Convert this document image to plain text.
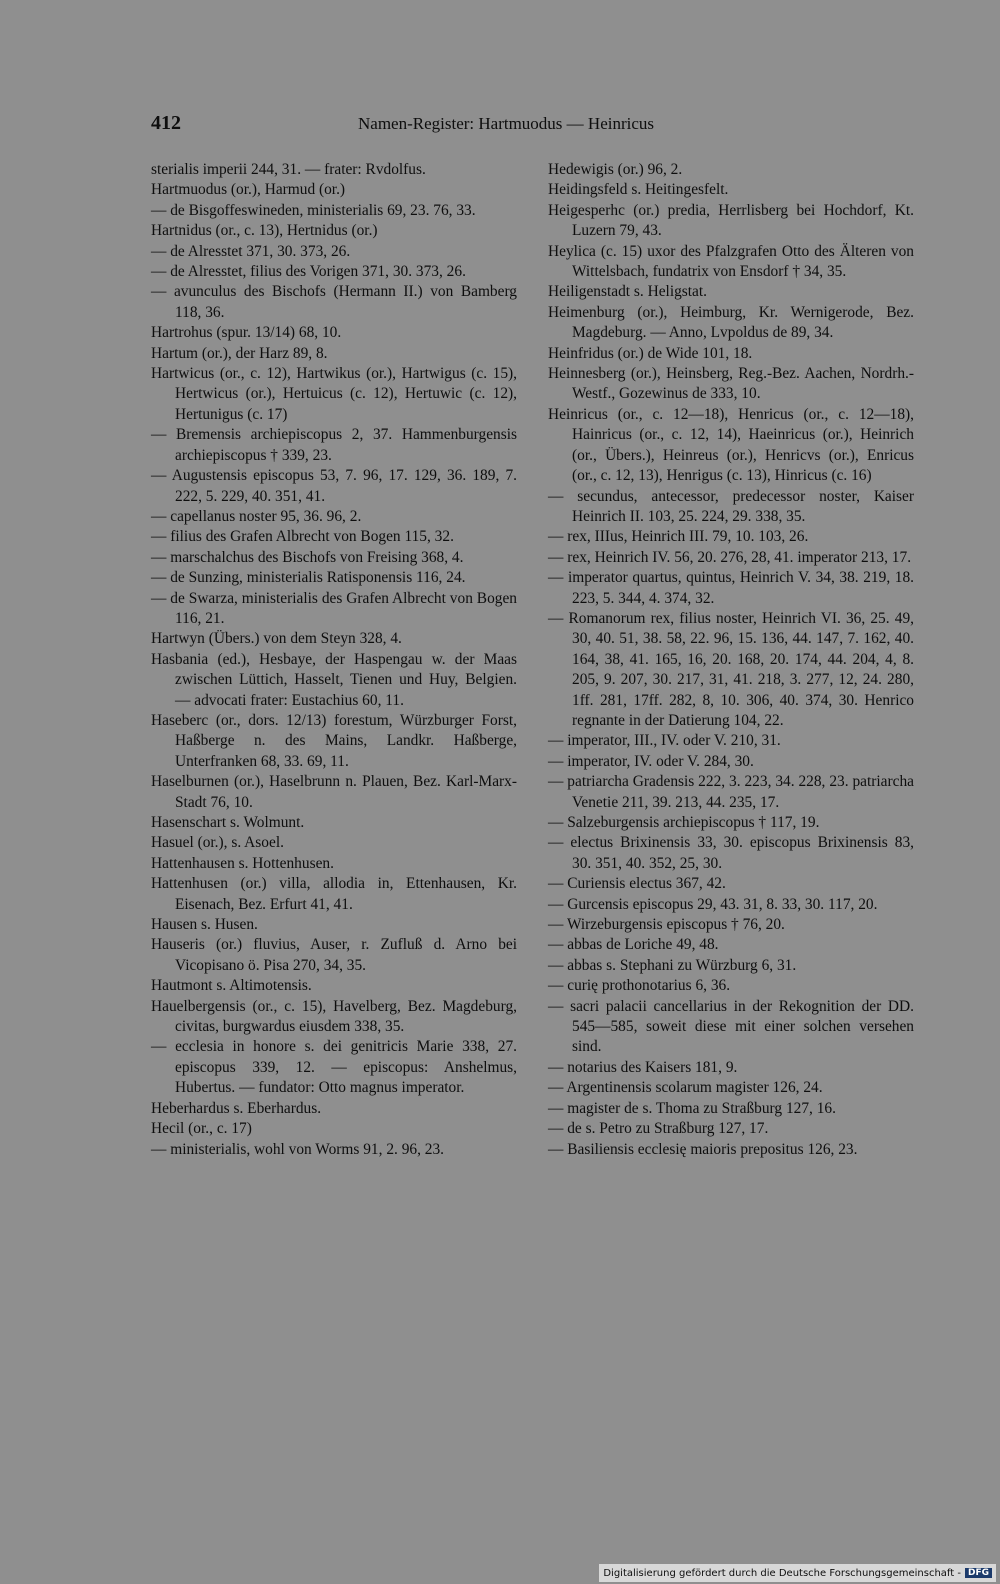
412	Namen-Register: Hartmuodus — Heinricus

sterialis imperii 244, 31. — frater: Rvdolfus.

Hartmuodus (or.), Harmud (or.)

— de Bisgoffeswineden, ministerialis 69, 23. 76, 33.

Hartnidus (or., c. 13), Hertnidus (or.)

— de Alresstet 371, 30. 373, 26.

— de Alresstet, filius des Vorigen 371, 30. 373, 26.

— avunculus des Bischofs (Hermann II.) von Bamberg 118, 36.

Hartrohus (spur. 13/14) 68, 10.

Hartum (or.), der Harz 89, 8.

Hartwicus (or., c. 12), Hartwikus (or.), Hartwigus (c. 15), Hertwicus (or.), Hertuicus (c. 12), Hertuwic (c. 12), Hertunigus (c. 17)

— Bremensis archiepiscopus 2, 37. Hammenburgensis archiepiscopus † 339, 23.

— Augustensis episcopus 53, 7. 96, 17. 129, 36. 189, 7. 222, 5. 229, 40. 351, 41.

— capellanus noster 95, 36. 96, 2.

— filius des Grafen Albrecht von Bogen 115, 32.

— marschalchus des Bischofs von Freising 368, 4.

— de Sunzing, ministerialis Ratisponensis 116, 24.

— de Swarza, ministerialis des Grafen Albrecht von Bogen 116, 21.

Hartwyn (Übers.) von dem Steyn 328, 4.

Hasbania (ed.), Hesbaye, der Haspengau w. der Maas zwischen Lüttich, Hasselt, Tienen und Huy, Belgien. — advocati frater: Eustachius 60, 11.

Haseberc (or., dors. 12/13) forestum, Würzburger Forst, Haßberge n. des Mains, Landkr. Haßberge, Unterfranken 68, 33. 69, 11.

Haselburnen (or.), Haselbrunn n. Plauen, Bez. Karl-Marx-Stadt 76, 10.

Hasenschart s. Wolmunt.

Hasuel (or.), s. Asoel.

Hattenhausen s. Hottenhusen.

Hattenhusen (or.) villa, allodia in, Ettenhausen, Kr. Eisenach, Bez. Erfurt 41, 41.

Hausen s. Husen.

Hauseris (or.) fluvius, Auser, r. Zufluß d. Arno bei Vicopisano ö. Pisa 270, 34, 35.

Hautmont s. Altimotensis.

Hauelbergensis (or., c. 15), Havelberg, Bez. Magdeburg, civitas, burgwardus eiusdem 338, 35.

— ecclesia in honore s. dei genitricis Marie 338, 27. episcopus 339, 12. — episcopus: Anshelmus, Hubertus. — fundator: Otto magnus imperator.

Heberhardus s. Eberhardus.

Hecil (or., c. 17)

— ministerialis, wohl von Worms 91, 2. 96, 23.

Hedewigis (or.) 96, 2.

Heidingsfeld s. Heitingesfelt.

Heigesperhc (or.) predia, Herrlisberg bei Hochdorf, Kt. Luzern 79, 43.

Heylica (c. 15) uxor des Pfalzgrafen Otto des Älteren von Wittelsbach, fundatrix von Ensdorf † 34, 35.

Heiligenstadt s. Heligstat.

Heimenburg (or.), Heimburg, Kr. Wernigerode, Bez. Magdeburg. — Anno, Lvpoldus de 89, 34.

Heinfridus (or.) de Wide 101, 18.

Heinnesberg (or.), Heinsberg, Reg.-Bez. Aachen, Nordrh.-Westf., Gozewinus de 333, 10.

Heinricus (or., c. 12—18), Henricus (or., c. 12—18), Hainricus (or., c. 12, 14), Haeinricus (or.), Heinrich (or., Übers.), Heinreus (or.), Henricvs (or.), Enricus (or., c. 12, 13), Henrigus (c. 13), Hinricus (c. 16)

— secundus, antecessor, predecessor noster, Kaiser Heinrich II. 103, 25. 224, 29. 338, 35.

— rex, IIIus, Heinrich III. 79, 10. 103, 26.

— rex, Heinrich IV. 56, 20. 276, 28, 41. imperator 213, 17.

— imperator quartus, quintus, Heinrich V. 34, 38. 219, 18. 223, 5. 344, 4. 374, 32.

— Romanorum rex, filius noster, Heinrich VI. 36, 25. 49, 30, 40. 51, 38. 58, 22. 96, 15. 136, 44. 147, 7. 162, 40. 164, 38, 41. 165, 16, 20. 168, 20. 174, 44. 204, 4, 8. 205, 9. 207, 30. 217, 31, 41. 218, 3. 277, 12, 24. 280, 1ff. 281, 17ff. 282, 8, 10. 306, 40. 374, 30. Henrico regnante in der Datierung 104, 22.

— imperator, III., IV. oder V. 210, 31.

— imperator, IV. oder V. 284, 30.

— patriarcha Gradensis 222, 3. 223, 34. 228, 23. patriarcha Venetie 211, 39. 213, 44. 235, 17.

— Salzeburgensis archiepiscopus † 117, 19.

— electus Brixinensis 33, 30. episcopus Brixinensis 83, 30. 351, 40. 352, 25, 30.

— Curiensis electus 367, 42.

— Gurcensis episcopus 29, 43. 31, 8. 33, 30. 117, 20.

— Wirzeburgensis episcopus † 76, 20.

— abbas de Loriche 49, 48.

— abbas s. Stephani zu Würzburg 6, 31.

— curię prothonotarius 6, 36.

— sacri palacii cancellarius in der Rekognition der DD. 545—585, soweit diese mit einer solchen versehen sind.

— notarius des Kaisers 181, 9.

— Argentinensis scolarum magister 126, 24.

— magister de s. Thoma zu Straßburg 127, 16.

— de s. Petro zu Straßburg 127, 17.

— Basiliensis ecclesię maioris prepositus 126, 23.

Digitalisierung gefördert durch die Deutsche Forschungsgemeinschaft - DFG
